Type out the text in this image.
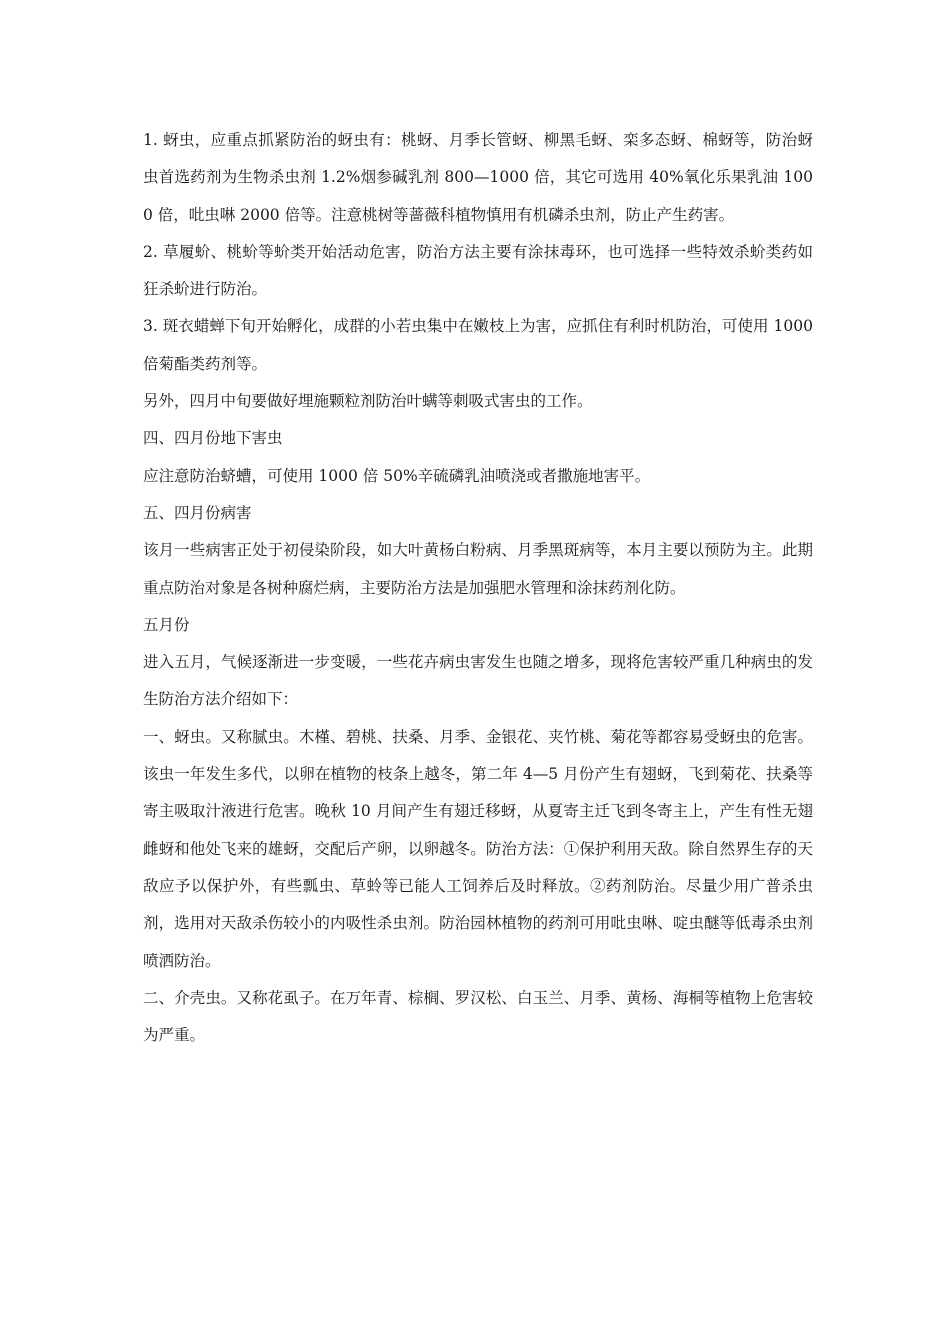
1. 蚜虫，应重点抓紧防治的蚜虫有：桃蚜、月季长管蚜、柳黑毛蚜、栾多态蚜、棉蚜等，防治蚜虫首选药剂为生物杀虫剂 1.2%烟参碱乳剂 800—1000 倍，其它可选用 40%氧化乐果乳油 1000 倍，吡虫啉 2000 倍等。注意桃树等蔷薇科植物慎用有机磷杀虫剂，防止产生药害。

2. 草履蚧、桃蚧等蚧类开始活动危害，防治方法主要有涂抹毒环，也可选择一些特效杀蚧类药如狂杀蚧进行防治。

3. 斑衣蜡蝉下旬开始孵化，成群的小若虫集中在嫩枝上为害，应抓住有利时机防治，可使用 1000 倍菊酯类药剂等。

另外，四月中旬要做好埋施颗粒剂防治叶螨等刺吸式害虫的工作。

四、四月份地下害虫

应注意防治蛴螬，可使用 1000 倍 50%辛硫磷乳油喷浇或者撒施地害平。

五、四月份病害

该月一些病害正处于初侵染阶段，如大叶黄杨白粉病、月季黑斑病等，本月主要以预防为主。此期重点防治对象是各树种腐烂病，主要防治方法是加强肥水管理和涂抹药剂化防。

五月份

进入五月，气候逐渐进一步变暖，一些花卉病虫害发生也随之增多，现将危害较严重几种病虫的发生防治方法介绍如下：

一、蚜虫。又称腻虫。木槿、碧桃、扶桑、月季、金银花、夹竹桃、菊花等都容易受蚜虫的危害。该虫一年发生多代，以卵在植物的枝条上越冬，第二年 4—5 月份产生有翅蚜，飞到菊花、扶桑等寄主吸取汁液进行危害。晚秋 10 月间产生有翅迁移蚜，从夏寄主迁飞到冬寄主上，产生有性无翅雌蚜和他处飞来的雄蚜，交配后产卵，以卵越冬。防治方法：①保护利用天敌。除自然界生存的天敌应予以保护外，有些瓢虫、草蛉等已能人工饲养后及时释放。②药剂防治。尽量少用广普杀虫剂，选用对天敌杀伤较小的内吸性杀虫剂。防治园林植物的药剂可用吡虫啉、啶虫醚等低毒杀虫剂喷洒防治。

二、介壳虫。又称花虱子。在万年青、棕榈、罗汉松、白玉兰、月季、黄杨、海桐等植物上危害较为严重。
